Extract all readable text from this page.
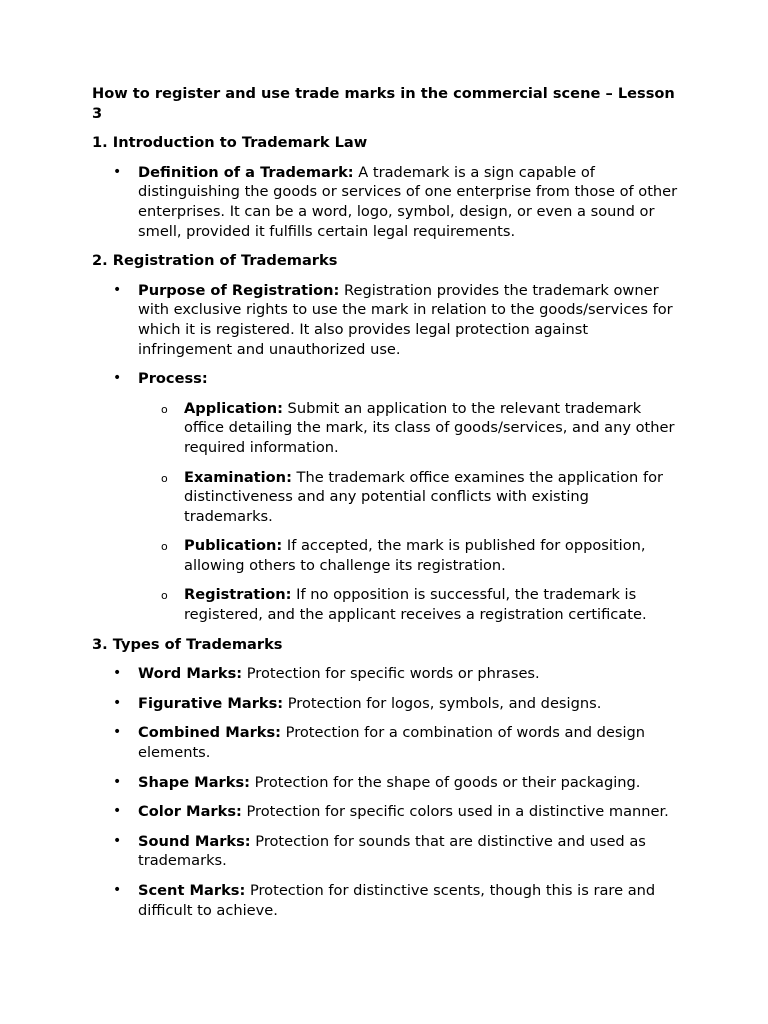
How to register and use trade marks in the commercial scene – Lesson 3
1. Introduction to Trademark Law
• Definition of a Trademark: A trademark is a sign capable of distinguishing the goods or services of one enterprise from those of other enterprises. It can be a word, logo, symbol, design, or even a sound or smell, provided it fulfills certain legal requirements.
2. Registration of Trademarks
• Purpose of Registration: Registration provides the trademark owner with exclusive rights to use the mark in relation to the goods/services for which it is registered. It also provides legal protection against infringement and unauthorized use.
• Process:
o Application: Submit an application to the relevant trademark office detailing the mark, its class of goods/services, and any other required information.
o Examination: The trademark office examines the application for distinctiveness and any potential conflicts with existing trademarks.
o Publication: If accepted, the mark is published for opposition, allowing others to challenge its registration.
o Registration: If no opposition is successful, the trademark is registered, and the applicant receives a registration certificate.
3. Types of Trademarks
• Word Marks: Protection for specific words or phrases.
• Figurative Marks: Protection for logos, symbols, and designs.
• Combined Marks: Protection for a combination of words and design elements.
• Shape Marks: Protection for the shape of goods or their packaging.
• Color Marks: Protection for specific colors used in a distinctive manner.
• Sound Marks: Protection for sounds that are distinctive and used as trademarks.
• Scent Marks: Protection for distinctive scents, though this is rare and difficult to achieve.
